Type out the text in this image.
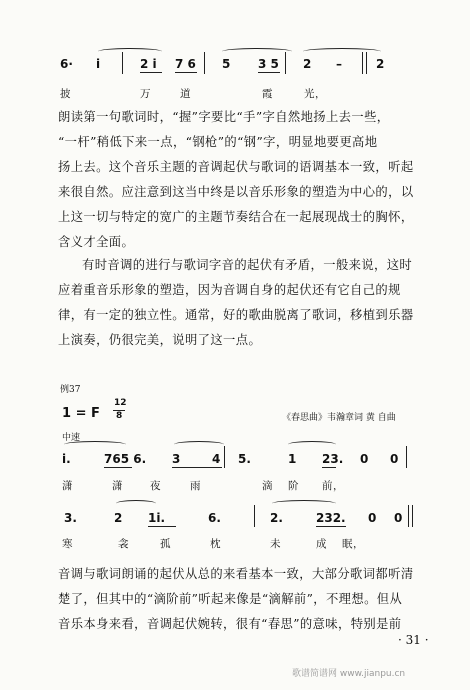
6· i	2 i 7 6 5 3 5 2 –	2
披	万	道	霞	光，
朗读第一句歌词时，“握”字要比“手”字自然地扬上去一些，
“一杆”稍低下来一点，“钢枪”的“钢”字，明显地要更高地
扬上去。这个音乐主题的音调起伏与歌词的语调基本一致，听起
来很自然。应注意到这当中终是以音乐形象的塑造为中心的，以
上这一切与特定的宽广的主题节奏结合在一起展现战士的胸怀，
含义才全面。
有时音调的进行与歌词字音的起伏有矛盾，一般来说，这时
应着重音乐形象的塑造，因为音调自身的起伏还有它自己的规
律，有一定的独立性。通常，好的歌曲脱离了歌词，移植到乐器
上演奏，仍很完美，说明了这一点。
例37
1 = F
12
8	《春思曲》韦瀚章词 黄 自曲
中速
i.	765 6. 3	4 5.	1 23. 0 0
潇	潇	夜	雨	滴 阶 前，
3.	2 1i.	6.	2.	232. 0 0
寒	衾	孤	枕	未	成 眠，
音调与歌词朗诵的起伏从总的来看基本一致，大部分歌词都听清
楚了，但其中的“滴阶前”听起来像是“滴解前”，不理想。但从
音乐本身来看，音调起伏婉转，很有“春思”的意味，特别是前
· 31 ·
歌谱简谱网 www.jianpu.cn
